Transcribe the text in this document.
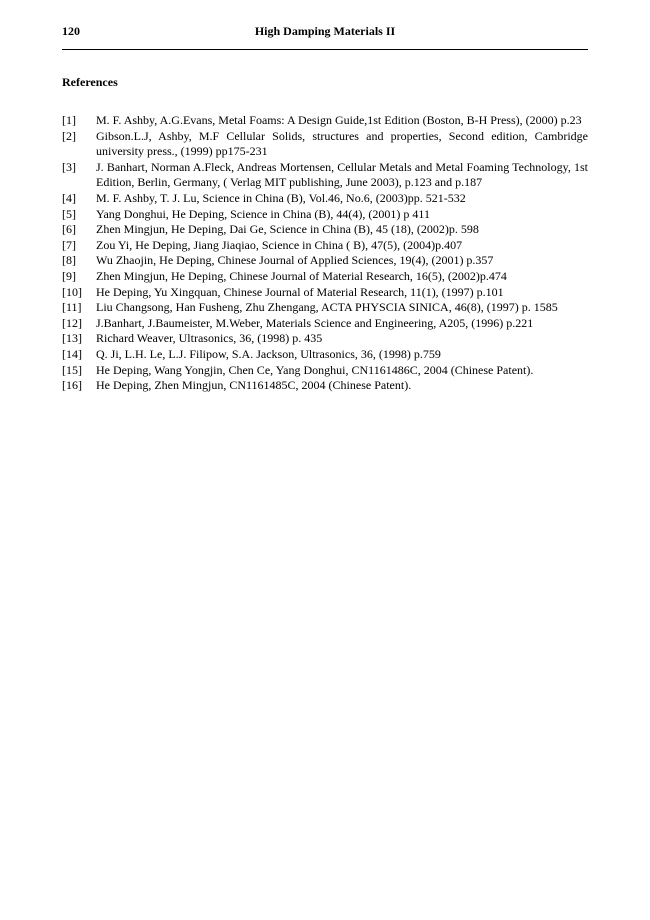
120	High Damping Materials II
References
[1]	M. F. Ashby, A.G.Evans, Metal Foams: A Design Guide,1st Edition (Boston, B-H Press), (2000) p.23
[2]	Gibson.L.J, Ashby, M.F Cellular Solids, structures and properties, Second edition, Cambridge university press., (1999) pp175-231
[3]	J. Banhart, Norman A.Fleck, Andreas Mortensen, Cellular Metals and Metal Foaming Technology, 1st Edition, Berlin, Germany, ( Verlag MIT publishing, June 2003), p.123 and p.187
[4]	M. F. Ashby, T. J. Lu, Science in China (B), Vol.46, No.6, (2003)pp. 521-532
[5]	Yang Donghui, He Deping, Science in China (B), 44(4), (2001) p 411
[6]	Zhen Mingjun, He Deping, Dai Ge, Science in China (B), 45 (18), (2002)p. 598
[7]	Zou Yi, He Deping, Jiang Jiaqiao, Science in China ( B), 47(5), (2004)p.407
[8]	Wu Zhaojin, He Deping, Chinese Journal of Applied Sciences, 19(4), (2001) p.357
[9]	Zhen Mingjun, He Deping, Chinese Journal of Material Research, 16(5), (2002)p.474
[10]	He Deping, Yu Xingquan, Chinese Journal of Material Research, 11(1), (1997) p.101
[11]	Liu Changsong, Han Fusheng, Zhu Zhengang, ACTA PHYSCIA SINICA, 46(8), (1997) p. 1585
[12]	J.Banhart, J.Baumeister, M.Weber, Materials Science and Engineering, A205, (1996) p.221
[13]	Richard Weaver, Ultrasonics, 36, (1998) p. 435
[14]	Q. Ji, L.H. Le, L.J. Filipow, S.A. Jackson, Ultrasonics, 36, (1998) p.759
[15]	He Deping, Wang Yongjin, Chen Ce, Yang Donghui, CN1161486C, 2004 (Chinese Patent).
[16]	He Deping, Zhen Mingjun, CN1161485C, 2004 (Chinese Patent).
